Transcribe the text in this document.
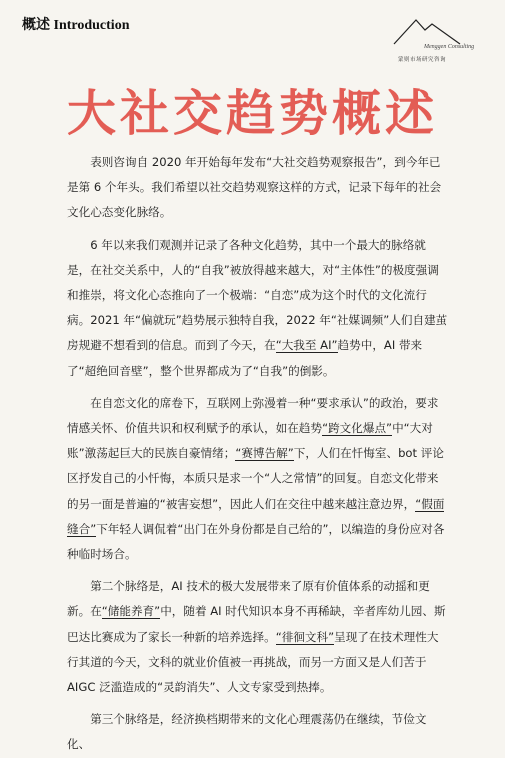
概述 Introduction
Menggen Consulting
蒙则市场研究咨询
大社交趋势概述

表则咨询自 2020 年开始每年发布“大社交趋势观察报告”，到今年已是第 6 个年头。我们希望以社交趋势观察这样的方式，记录下每年的社会文化心态变化脉络。

6 年以来我们观测并记录了各种文化趋势，其中一个最大的脉络就是，在社交关系中，人的“自我”被放得越来越大，对“主体性”的极度强调和推崇，将文化心态推向了一个极端：“自恋”成为这个时代的文化流行病。2021 年“偏就玩”趋势展示独特自我，2022 年“社媒调频”人们自建茧房规避不想看到的信息。而到了今天，在“大我至 AI”趋势中，AI 带来了“超绝回音壁”，整个世界都成为了“自我”的倒影。

在自恋文化的席卷下，互联网上弥漫着一种“要求承认”的政治，要求情感关怀、价值共识和权利赋予的承认，如在趋势“跨文化爆点”中“大对账”激荡起巨大的民族自豪情绪；“赛博告解”下，人们在忏悔室、bot 评论区抒发自己的小忏悔，本质只是求一个“人之常情”的回复。自恋文化带来的另一面是普遍的“被害妄想”，因此人们在交往中越来越注意边界，“假面缝合”下年轻人调侃着“出门在外身份都是自己给的”，以编造的身份应对各种临时场合。

第二个脉络是，AI 技术的极大发展带来了原有价值体系的动摇和更新。在“储能养育”中，随着 AI 时代知识本身不再稀缺，辛者库幼儿园、斯巴达比赛成为了家长一种新的培养选择。“徘徊文科”呈现了在技术理性大行其道的今天，文科的就业价值被一再挑战，而另一方面又是人们苦于 AIGC 泛滥造成的“灵韵消失”、人文专家受到热捧。

第三个脉络是，经济换档期带来的文化心理震荡仍在继续，节俭文化、
